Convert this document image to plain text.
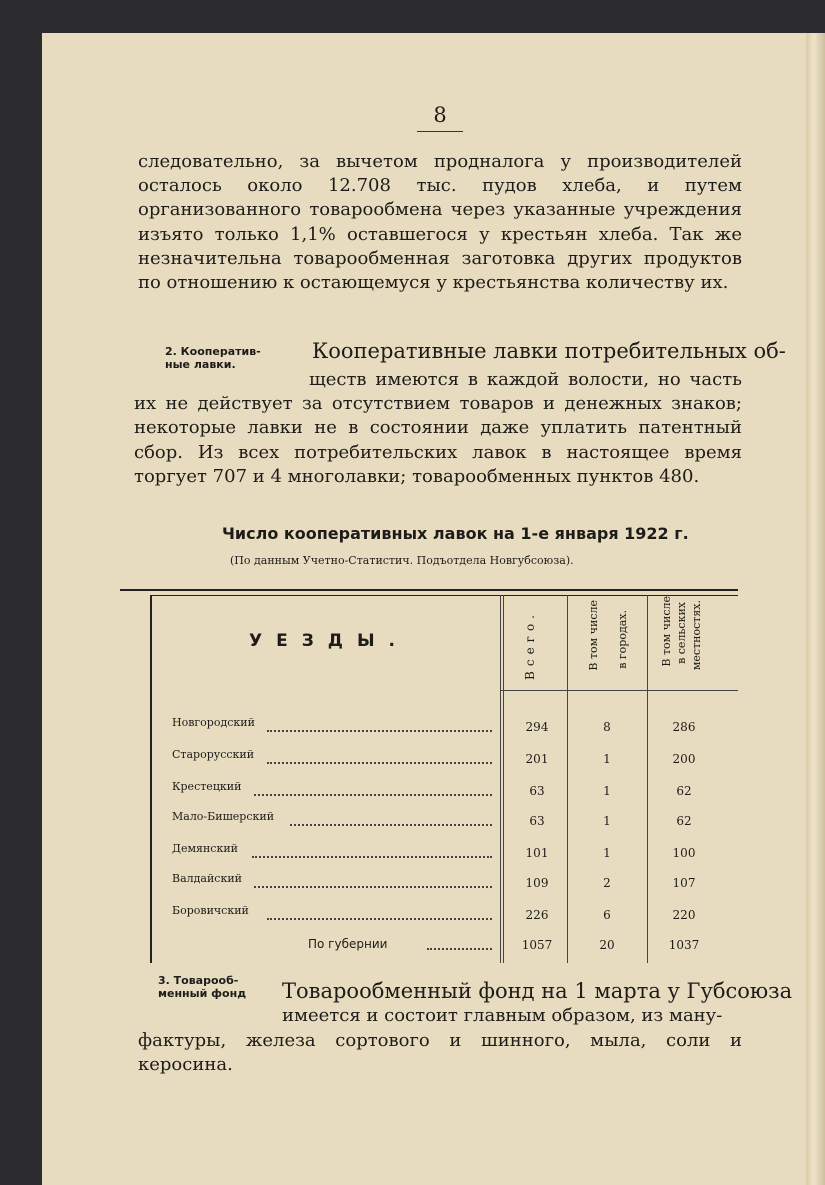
8
следовательно, за вычетом продналога у производителей осталось около 12.708 тыс. пудов хлеба, и путем организованного товарообмена через указанные учреждения изъято только 1,1% оставшегося у крестьян хлеба. Так же незначительна товарообменная заготовка других продуктов по отношению к остающемуся у крестьянства количеству их.
2. Кооператив-
ные лавки.
Кооперативные лавки потребительных об-
ществ имеются в каждой волости, но часть их не действует за отсутствием товаров и денежных знаков; некоторые лавки не в состоянии даже уплатить патентный сбор. Из всех потребительских лавок в настоящее время торгует 707 и 4 многолавки; товарообменных пунктов 480.
Число кооперативных лавок на 1-е января 1922 г.
(По данным Учетно-Статистич. Подъотдела Новгубсоюза).
УЕЗДЫ.	Всего.	В том числе в городах.	В том числе в сельских местностях.
Новгородский	294	8	286
Старорусский	201	1	200
Крестецкий	63	1	62
Мало-Бишерский	63	1	62
Демянский	101	1	100
Валдайский	109	2	107
Боровичский	226	6	220
По губернии	1057	20	1037
3. Товарооб-
менный фонд Товарообменный фонд на 1 марта у Губсоюза
имеется и состоит главным образом, из ману-
фактуры, железа сортового и шинного, мыла, соли и керосина.
